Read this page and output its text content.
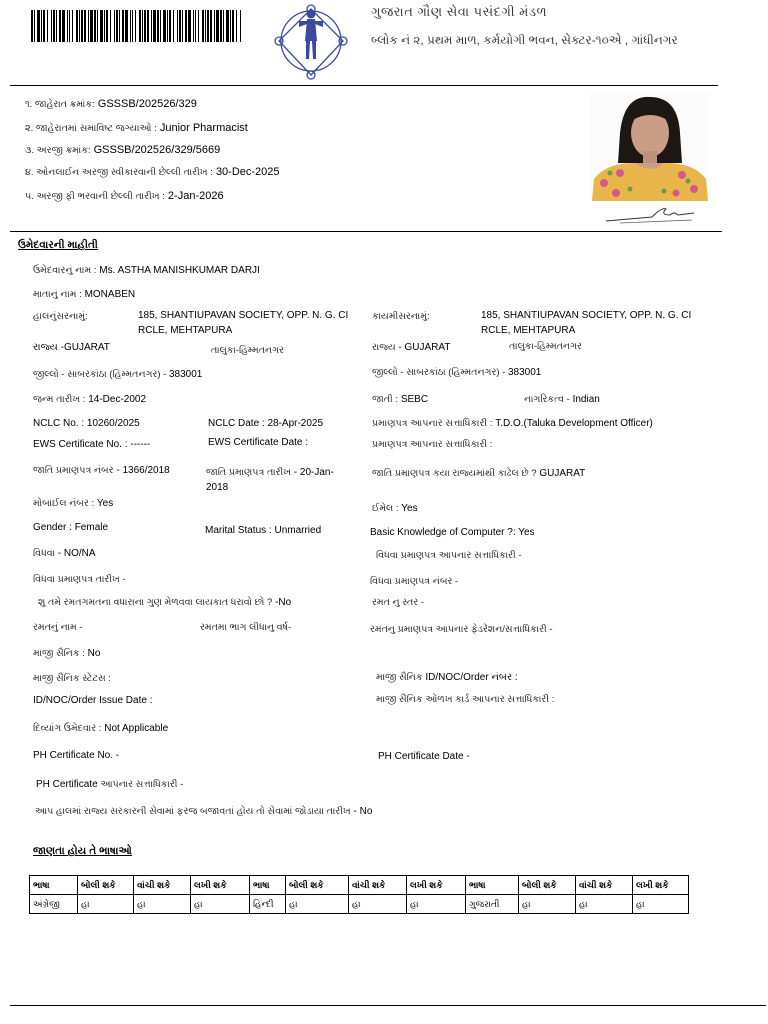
ગુજરાત ગૌણ સેવા પસંદગી મંડળ
બ્લોક નં ૨, પ્રથમ માળ, કર્મયોગી ભવન, સેક્ટર-૧૦એ , ગાંધીનગર
૧. જાહેરાત ક્રમાંક: GSSSB/202526/329
૨. જાહેરાતમાં સમાવિષ્ટ જગ્યાઓ : Junior Pharmacist
૩. અરજી ક્રમાંક: GSSSB/202526/329/5669
૪. ઓનલાઈન અરજી સ્વીકારવાની છેલ્લી તારીખ : 30-Dec-2025
૫. અરજી ફી ભરવાની છેલ્લી તારીખ : 2-Jan-2026
ઉમેદવારની માહીતી
ઉમેદવારનું નામ : Ms. ASTHA MANISHKUMAR DARJI
માતાનું નામ : MONABEN
હાલનુંસરનામું:	185, SHANTIUPAVAN SOCIETY, OPP. N. G. CI RCLE, MEHTAPURA
કાયમીસરનામું:	185, SHANTIUPAVAN SOCIETY, OPP. N. G. CI RCLE, MEHTAPURA
રાજ્ય -GUJARAT	તાલુકા-હિમ્મતનગર	રાજ્ય - GUJARAT	તાલુકા-હિમ્મતનગર
જીલ્લો - સાબરકાંઠા (હિમ્મતનગર) - 383001	જીલ્લો - સાબરકાંઠા (હિમ્મતનગર) - 383001
જન્મ તારીખ : 14-Dec-2002	જાતી : SEBC	નાગરિકત્વ - Indian
NCLC No. : 10260/2025	NCLC Date : 28-Apr-2025	પ્રમાણપત્ર આપનાર સત્તાધિકારી : T.D.O.(Taluka Development Officer)
EWS Certificate No. : ------	EWS Certificate Date :	પ્રમાણપત્ર આપનાર સત્તાધિકારી :
જાતિ પ્રમાણપત્ર નંબર - 1366/2018	જાતિ પ્રમાણપત્ર તારીખ - 20-Jan-2018
જાતિ પ્રમાણપત્ર કયા રાજ્યમાંથી કાઢેલ છે ? GUJARAT
મોબાઈલ નંબર : Yes	ઈમેલ : Yes
Gender : Female	Marital Status : Unmarried	Basic Knowledge of Computer ?: Yes
વિધવા - NO/NA	વિધવા પ્રમાણપત્ર આપનાર સત્તાધિકારી -
વિધવા પ્રમાણપત્ર તારીખ -	વિધવા પ્રમાણપત્ર નંબર -
શુ તમે રમતગમતના વધારાના ગુણ મેળવવા લાયકાત ધરાવો છો ? -No	રમત નુ સ્તર -
રમતનું નામ -	રમતમા ભાગ લીધાનુ વર્ષ-	રમતનુ પ્રમાણપત્ર આપનાર ફેડરેશન/સત્તાધિકારી -
માજી સૈનિક : No
માજી સૈનિક સ્ટેટસ :	માજી સૈનિક ID/NOC/Order નંબર :
ID/NOC/Order Issue Date :	માજી સૈનિક ઓળખ કાર્ડ આપનાર સત્તાધિકારી :
દિવ્યાંગ ઉમેદવાર : Not Applicable
PH Certificate No. -	PH Certificate Date -
PH Certificate આપનાર સત્તાધિકારી -
આપ હાલમાં રાજ્ય સરકારની સેવામાં ફરજ બજાવતાં હોય તો સેવામાં જોડાયા તારીખ - No
જાણતા હોય તે ભાષાઓ
ભાષા	બોલી શકે	વાંચી શકે	લખી શકે	ભાષા	બોલી શકે	વાંચી શકે	લખી શકે	ભાષા	બોલી શકે	વાંચી શકે	લખી શકે
અંગ્રેજી	હા	હા	હા	હિન્દી	હા	હા	હા	ગુજરાતી	હા	હા	હા
